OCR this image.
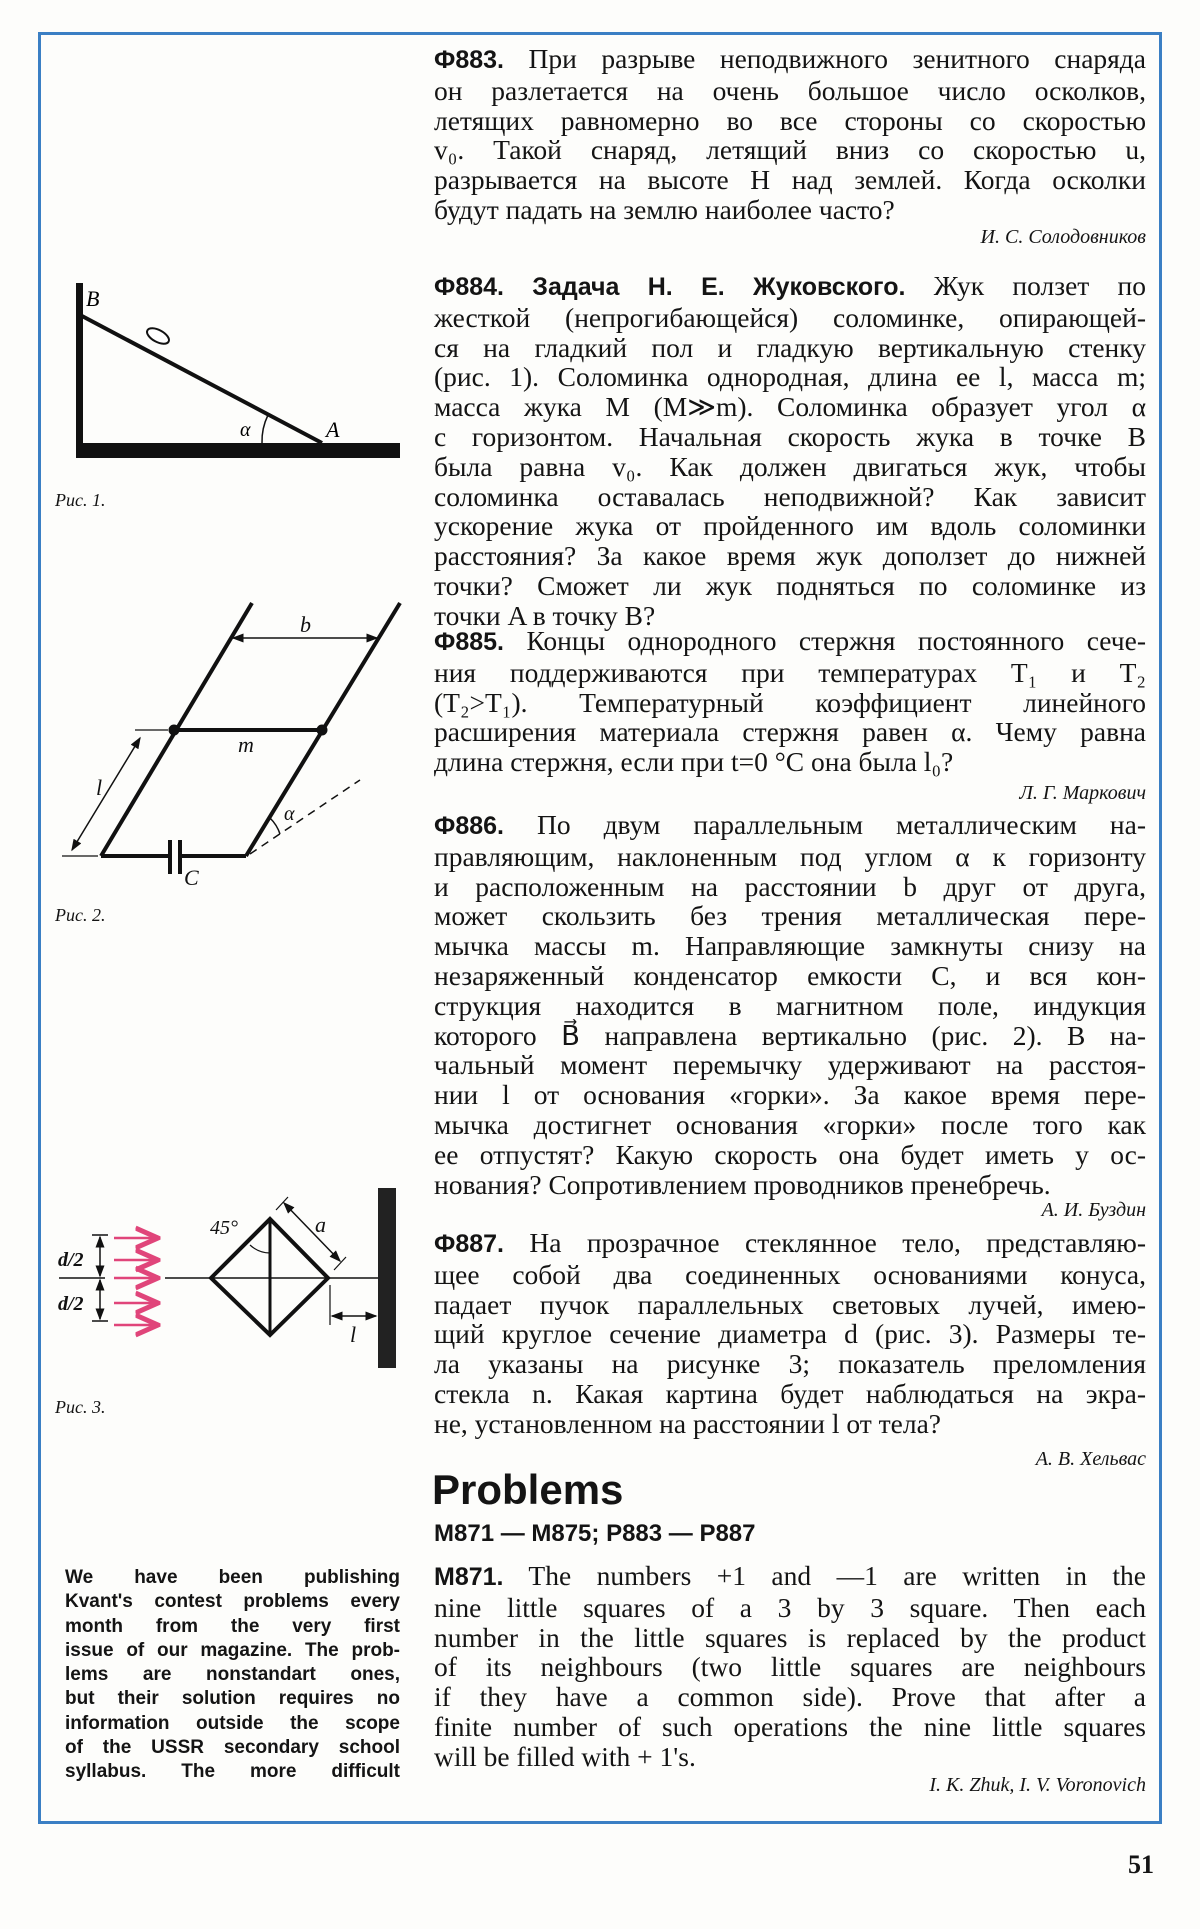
Ф883. При разрыве неподвижного зенитного снаряда
он разлетается на очень большое число осколков,
летящих равномерно во все стороны со скоростью
v₀. Такой снаряд, летящий вниз со скоростью u,
разрывается на высоте H над землей. Когда осколки
будут падать на землю наиболее часто?
И. С. Солодовников
Ф884. Задача Н. Е. Жуковского. Жук ползет по
жесткой (непрогибающейся) соломинке, опирающей-
ся на гладкий пол и гладкую вертикальную стенку
(рис. 1). Соломинка однородная, длина ее l, масса m;
масса жука M (M≫m). Соломинка образует угол α
с горизонтом. Начальная скорость жука в точке B
была равна v₀. Как должен двигаться жук, чтобы
соломинка оставалась неподвижной? Как зависит
ускорение жука от пройденного им вдоль соломинки
расстояния? За какое время жук доползет до нижней
точки? Сможет ли жук подняться по соломинке из
точки A в точку B?
Ф885. Концы однородного стержня постоянного сече-
ния поддерживаются при температурах T₁ и T₂
(T₂>T₁). Температурный коэффициент линейного
расширения материала стержня равен α. Чему равна
длина стержня, если при t=0 °C она была l₀?
Л. Г. Маркович
Ф886. По двум параллельным металлическим на-
правляющим, наклоненным под углом α к горизонту
и расположенным на расстоянии b друг от друга,
может скользить без трения металлическая пере-
мычка массы m. Направляющие замкнуты снизу на
незаряженный конденсатор емкости C, и вся кон-
струкция находится в магнитном поле, индукция
которого B⃗ направлена вертикально (рис. 2). В на-
чальный момент перемычку удерживают на расстоя-
нии l от основания «горки». За какое время пере-
мычка достигнет основания «горки» после того как
ее отпустят? Какую скорость она будет иметь у ос-
нования? Сопротивлением проводников пренебречь.
А. И. Буздин
Ф887. На прозрачное стеклянное тело, представляю-
щее собой два соединенных основаниями конуса,
падает пучок параллельных световых лучей, имею-
щий круглое сечение диаметра d (рис. 3). Размеры те-
ла указаны на рисунке 3; показатель преломления
стекла n. Какая картина будет наблюдаться на экра-
не, установленном на расстоянии l от тела?
А. В. Хельвас
M871. The numbers +1 and —1 are written in the
nine little squares of a 3 by 3 square. Then each
number in the little squares is replaced by the product
of its neighbours (two little squares are neighbours
if they have a common side). Prove that after a
finite number of such operations the nine little squares
will be filled with + 1's.
I. K. Zhuk, I. V. Voronovich
Problems
M871 — M875; P883 — P887
We have been publishing
Kvant's contest problems every
month from the very first
issue of our magazine. The prob-
lems are nonstandart ones,
but their solution requires no
information outside the scope
of the USSR secondary school
syllabus. The more difficult
B
A
α
b
m
l
α
C
45°	a
d/2
d/2
l
Рис. 1.
Рис. 2.
Рис. 3.
51
